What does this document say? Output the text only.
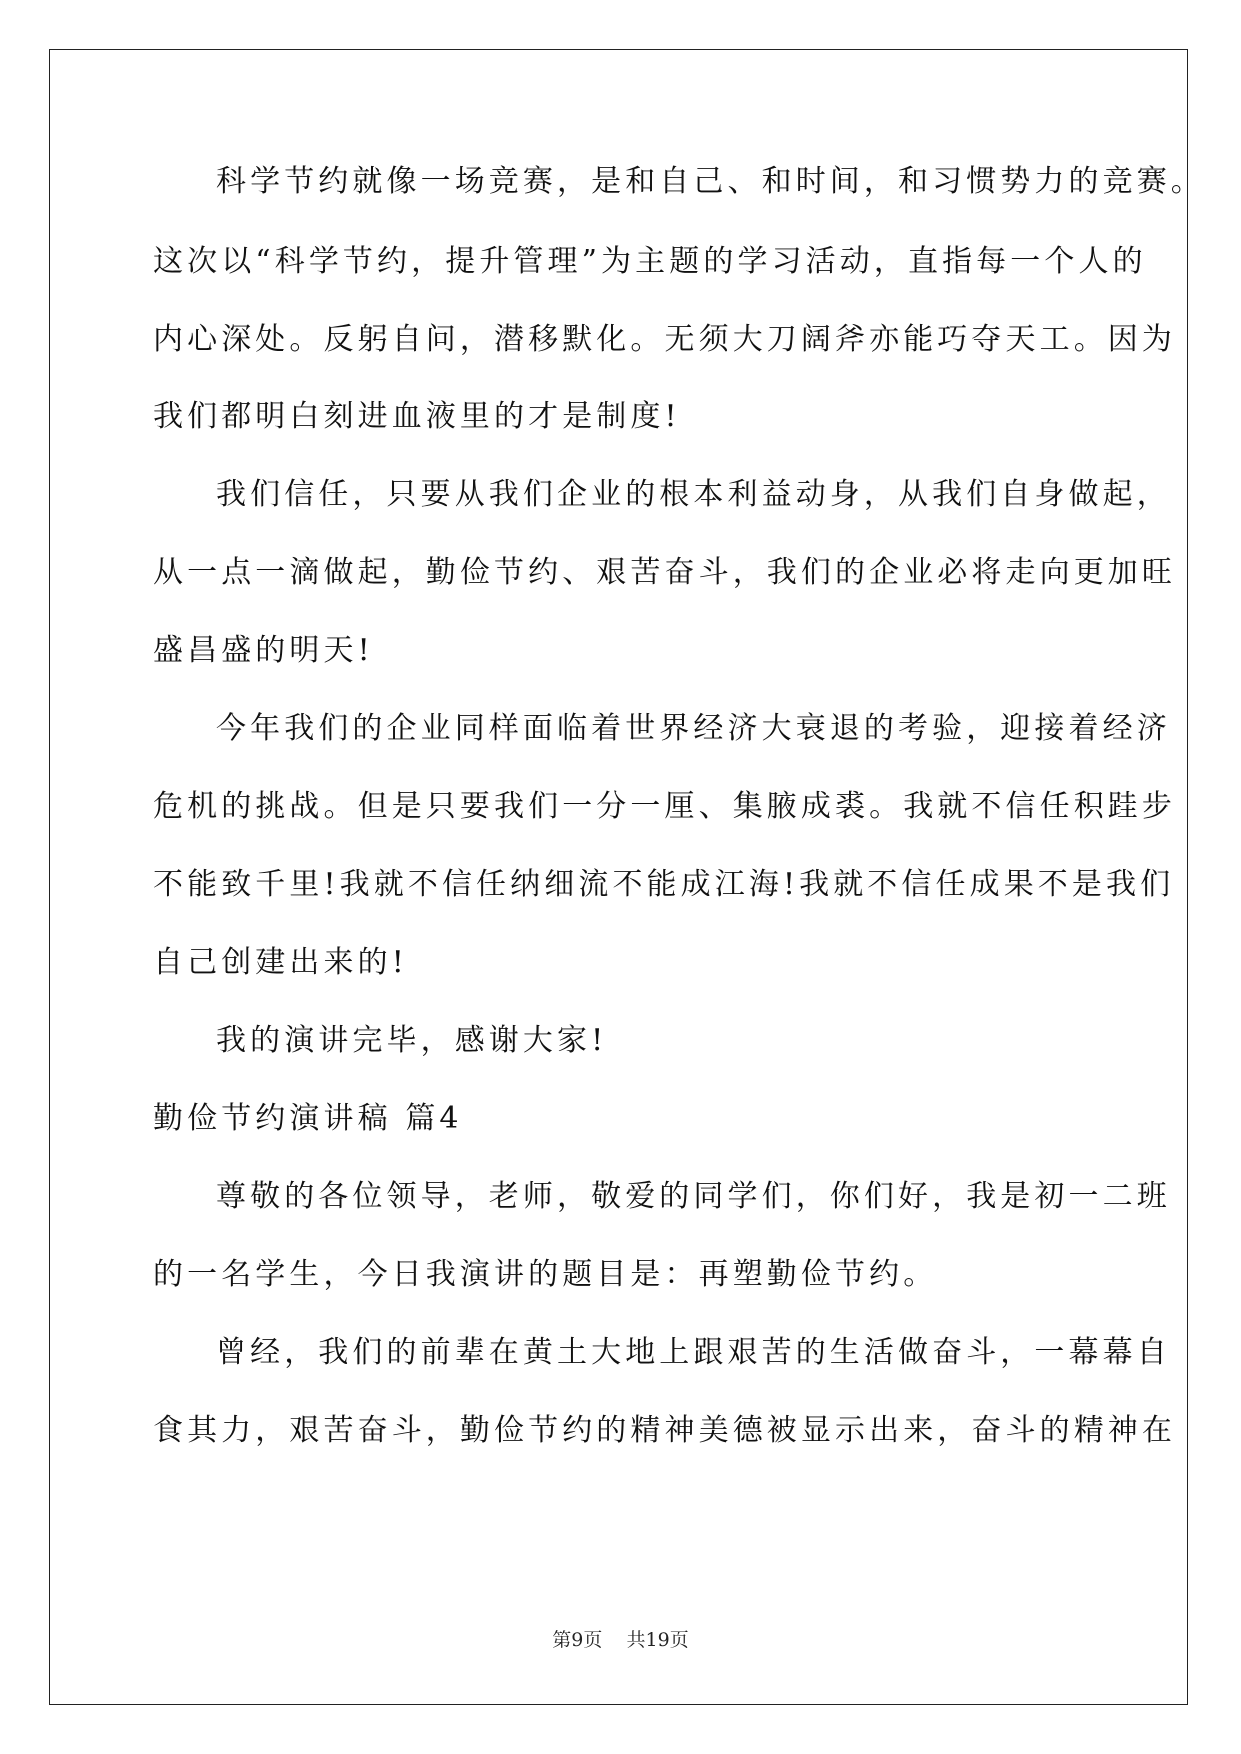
科学节约就像一场竞赛，是和自己、和时间，和习惯势力的竞赛。
这次以“科学节约，提升管理”为主题的学习活动，直指每一个人的
内心深处。反躬自问，潜移默化。无须大刀阔斧亦能巧夺天工。因为
我们都明白刻进血液里的才是制度!
我们信任，只要从我们企业的根本利益动身，从我们自身做起，
从一点一滴做起，勤俭节约、艰苦奋斗，我们的企业必将走向更加旺
盛昌盛的明天!
今年我们的企业同样面临着世界经济大衰退的考验，迎接着经济
危机的挑战。但是只要我们一分一厘、集腋成裘。我就不信任积跬步
不能致千里!我就不信任纳细流不能成江海!我就不信任成果不是我们
自己创建出来的!
我的演讲完毕，感谢大家!
勤俭节约演讲稿 篇4
尊敬的各位领导，老师，敬爱的同学们，你们好，我是初一二班
的一名学生，今日我演讲的题目是：再塑勤俭节约。
曾经，我们的前辈在黄土大地上跟艰苦的生活做奋斗，一幕幕自
食其力，艰苦奋斗，勤俭节约的精神美德被显示出来，奋斗的精神在
第9页    共19页
